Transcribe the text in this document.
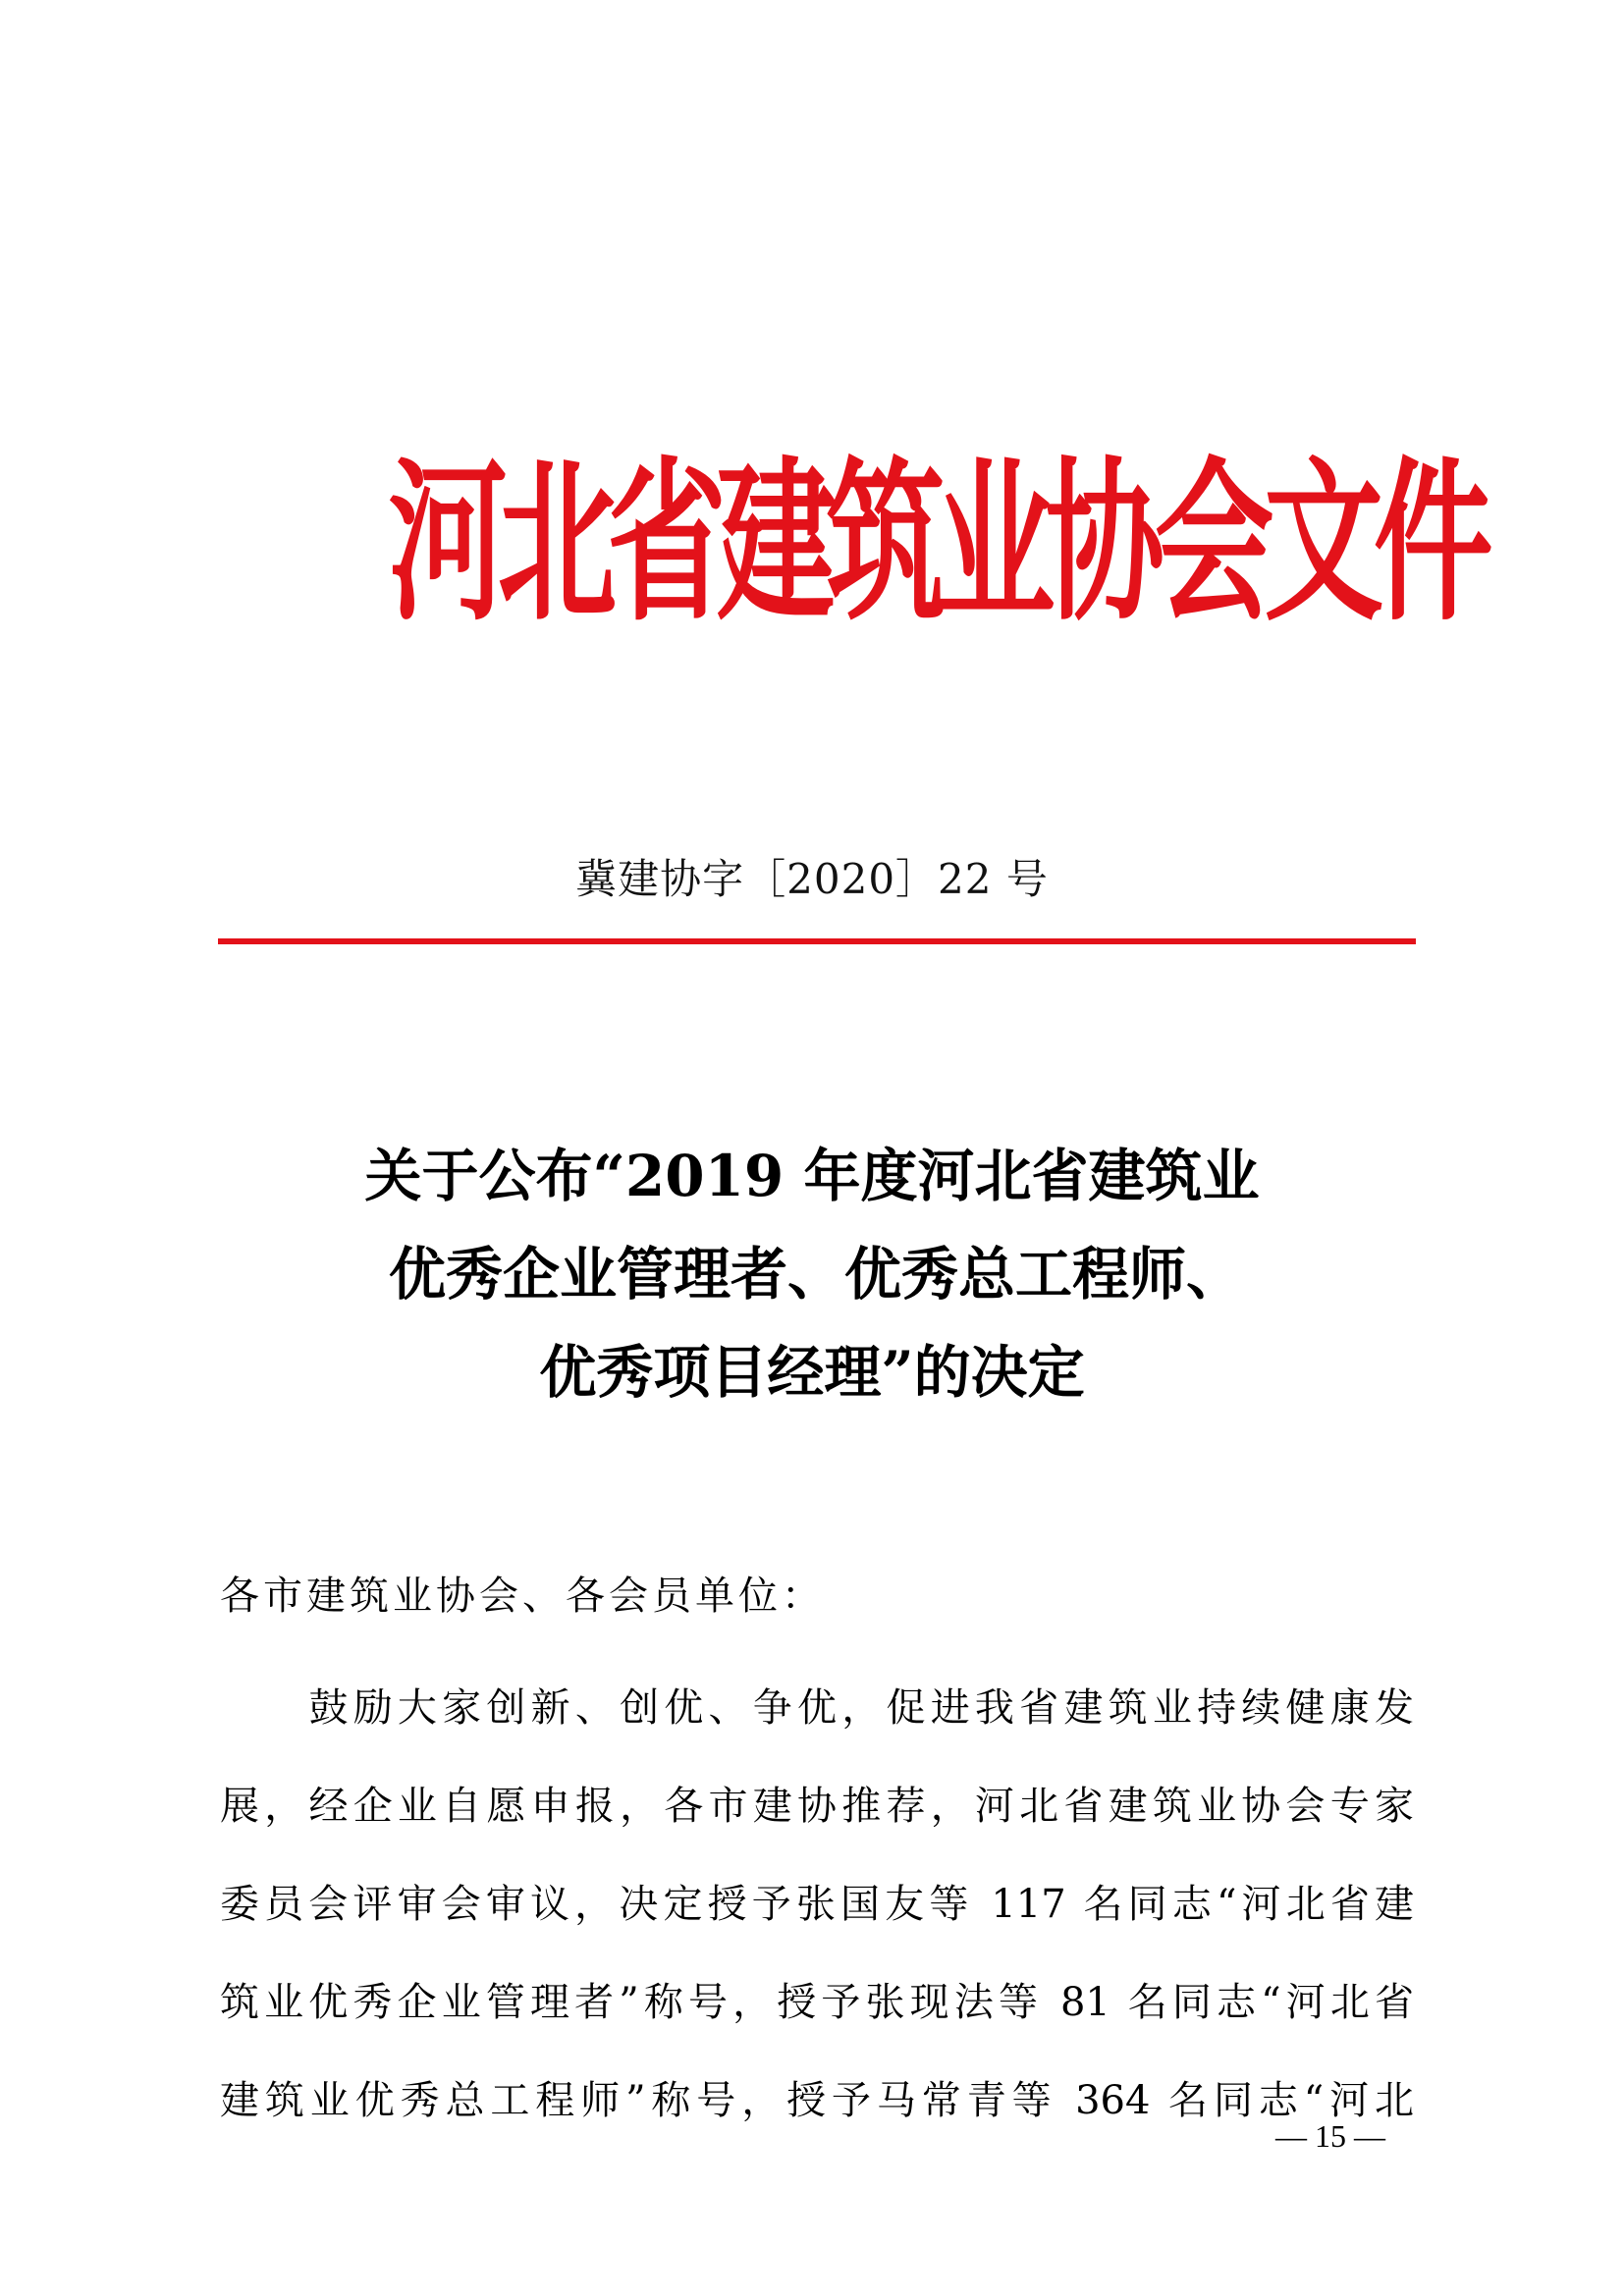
河北省建筑业协会文件
冀建协字［2020］22 号
关于公布“2019 年度河北省建筑业
优秀企业管理者、优秀总工程师、
优秀项目经理”的决定
各市建筑业协会、各会员单位：
　　鼓励大家创新、创优、争优，促进我省建筑业持续健康发
展，经企业自愿申报，各市建协推荐，河北省建筑业协会专家
委员会评审会审议，决定授予张国友等 117 名同志“河北省建
筑业优秀企业管理者”称号，授予张现法等 81 名同志“河北省
建筑业优秀总工程师”称号，授予马常青等 364 名同志“河北
— 15 —
